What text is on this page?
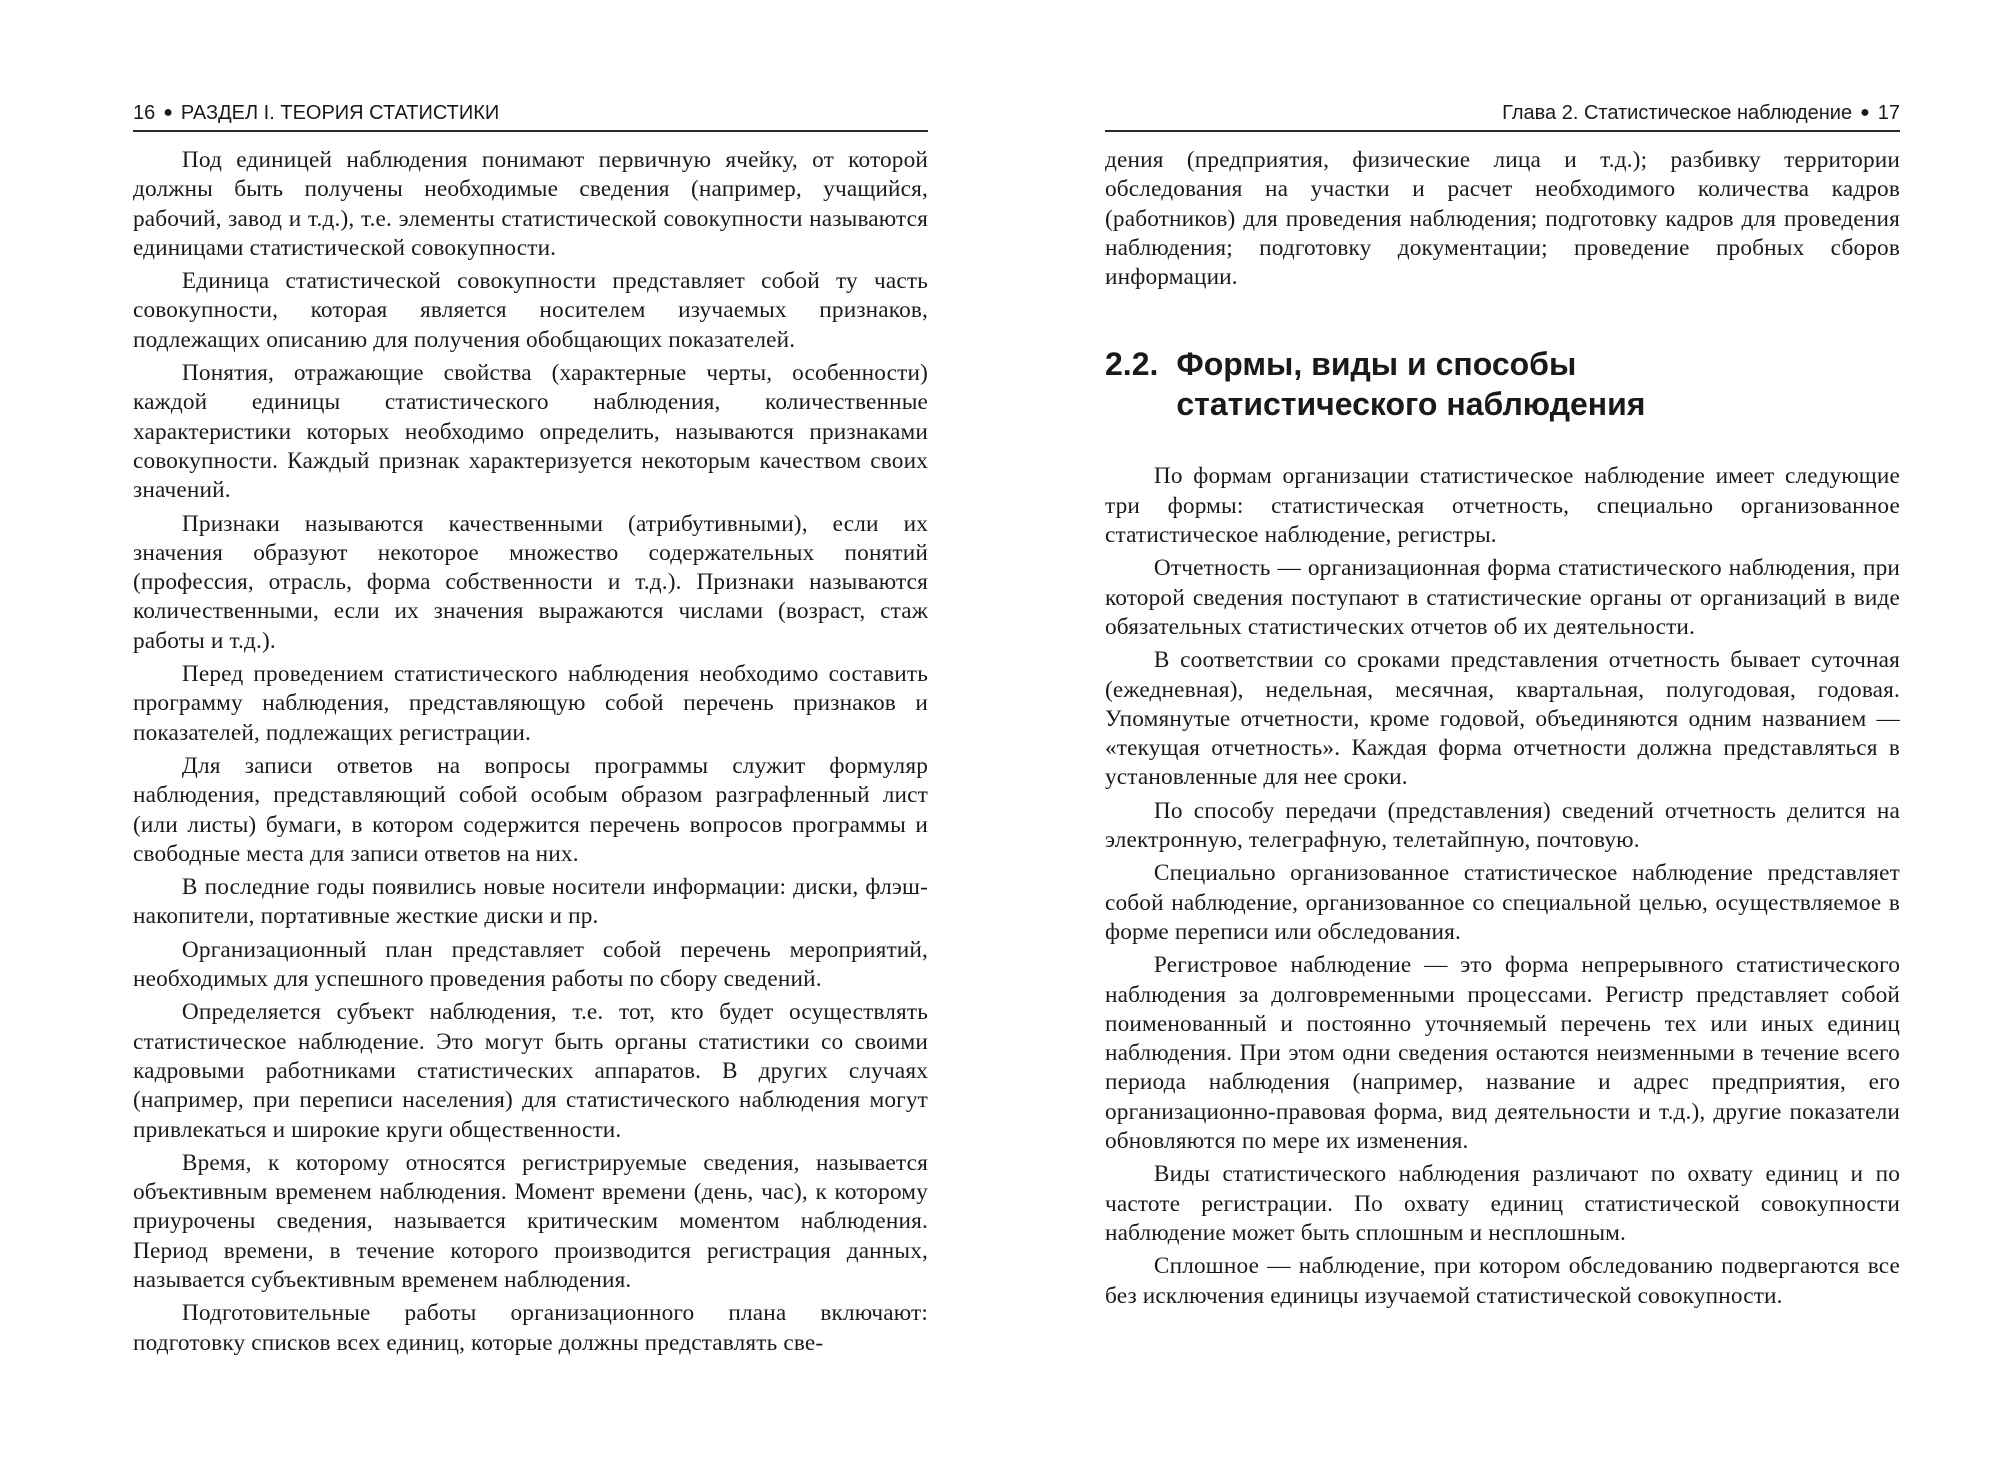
16 ● РАЗДЕЛ I. ТЕОРИЯ СТАТИСТИКИ

Под единицей наблюдения понимают первичную ячейку, от которой должны быть получены необходимые сведения (например, учащийся, рабочий, завод и т.д.), т.е. элементы статистической совокупности называются единицами статистической совокупности.

Единица статистической совокупности представляет собой ту часть совокупности, которая является носителем изучаемых признаков, подлежащих описанию для получения обобщающих показателей.

Понятия, отражающие свойства (характерные черты, особенности) каждой единицы статистического наблюдения, количественные характеристики которых необходимо определить, называются признаками совокупности. Каждый признак характеризуется некоторым качеством своих значений.

Признаки называются качественными (атрибутивными), если их значения образуют некоторое множество содержательных понятий (профессия, отрасль, форма собственности и т.д.). Признаки называются количественными, если их значения выражаются числами (возраст, стаж работы и т.д.).

Перед проведением статистического наблюдения необходимо составить программу наблюдения, представляющую собой перечень признаков и показателей, подлежащих регистрации.

Для записи ответов на вопросы программы служит формуляр наблюдения, представляющий собой особым образом разграфленный лист (или листы) бумаги, в котором содержится перечень вопросов программы и свободные места для записи ответов на них.

В последние годы появились новые носители информации: диски, флэш-накопители, портативные жесткие диски и пр.

Организационный план представляет собой перечень мероприятий, необходимых для успешного проведения работы по сбору сведений.

Определяется субъект наблюдения, т.е. тот, кто будет осуществлять статистическое наблюдение. Это могут быть органы статистики со своими кадровыми работниками статистических аппаратов. В других случаях (например, при переписи населения) для статистического наблюдения могут привлекаться и широкие круги общественности.

Время, к которому относятся регистрируемые сведения, называется объективным временем наблюдения. Момент времени (день, час), к которому приурочены сведения, называется критическим моментом наблюдения. Период времени, в течение которого производится регистрация данных, называется субъективным временем наблюдения.

Подготовительные работы организационного плана включают: подготовку списков всех единиц, которые должны представлять све-

Глава 2. Статистическое наблюдение ● 17

дения (предприятия, физические лица и т.д.); разбивку территории обследования на участки и расчет необходимого количества кадров (работников) для проведения наблюдения; подготовку кадров для проведения наблюдения; подготовку документации; проведение пробных сборов информации.

2.2. Формы, виды и способы
статистического наблюдения

По формам организации статистическое наблюдение имеет следующие три формы: статистическая отчетность, специально организованное статистическое наблюдение, регистры.

Отчетность — организационная форма статистического наблюдения, при которой сведения поступают в статистические органы от организаций в виде обязательных статистических отчетов об их деятельности.

В соответствии со сроками представления отчетность бывает суточная (ежедневная), недельная, месячная, квартальная, полугодовая, годовая. Упомянутые отчетности, кроме годовой, объединяются одним названием — «текущая отчетность». Каждая форма отчетности должна представляться в установленные для нее сроки.

По способу передачи (представления) сведений отчетность делится на электронную, телеграфную, телетайпную, почтовую.

Специально организованное статистическое наблюдение представляет собой наблюдение, организованное со специальной целью, осуществляемое в форме переписи или обследования.

Регистровое наблюдение — это форма непрерывного статистического наблюдения за долговременными процессами. Регистр представляет собой поименованный и постоянно уточняемый перечень тех или иных единиц наблюдения. При этом одни сведения остаются неизменными в течение всего периода наблюдения (например, название и адрес предприятия, его организационно-правовая форма, вид деятельности и т.д.), другие показатели обновляются по мере их изменения.

Виды статистического наблюдения различают по охвату единиц и по частоте регистрации. По охвату единиц статистической совокупности наблюдение может быть сплошным и несплошным.

Сплошное — наблюдение, при котором обследованию подвергаются все без исключения единицы изучаемой статистической совокупности.
